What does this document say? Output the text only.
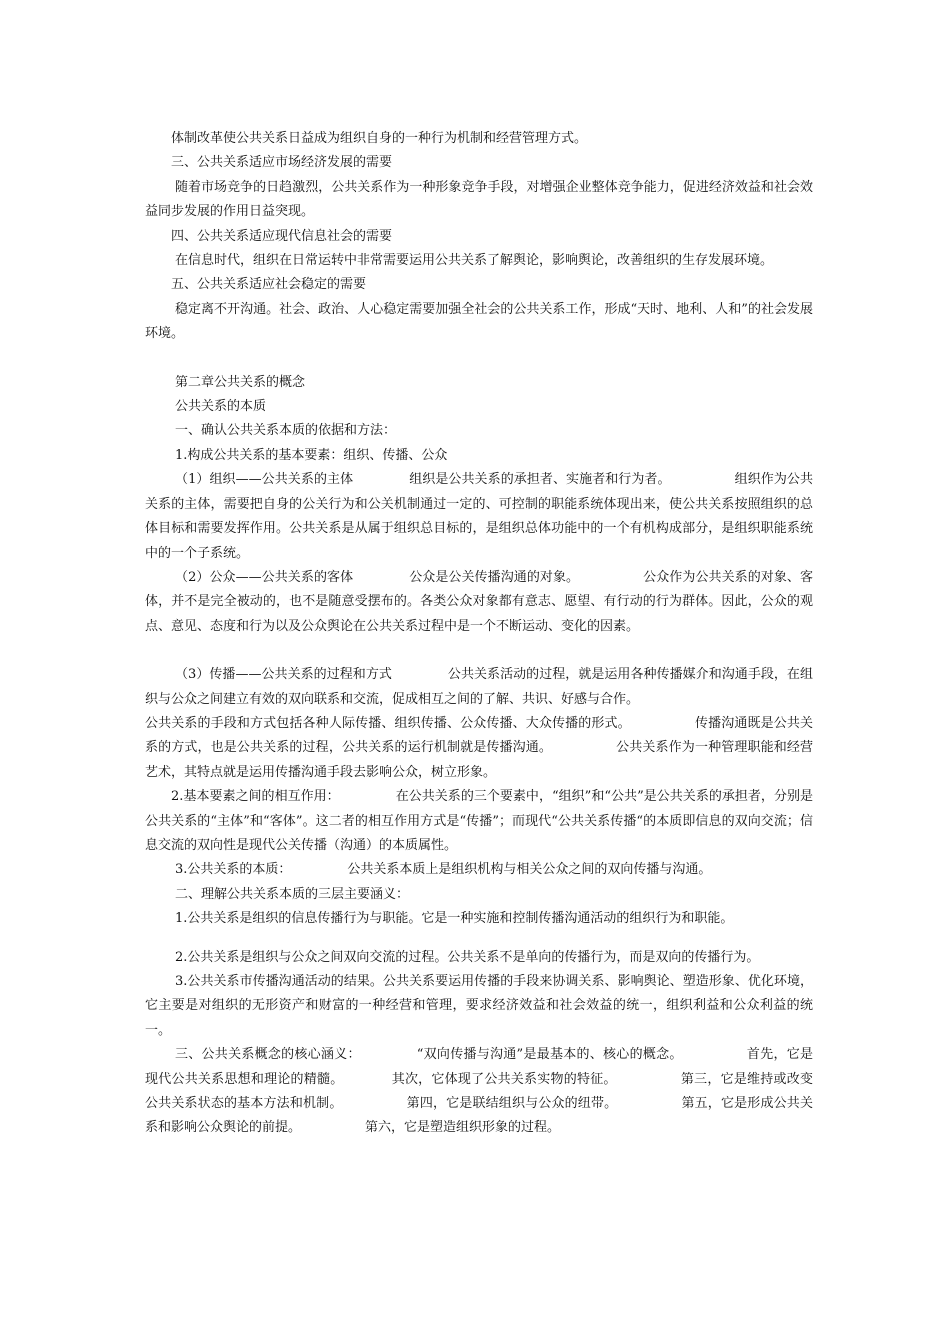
体制改革使公共关系日益成为组织自身的一种行为机制和经营管理方式。

三、公共关系适应市场经济发展的需要

随着市场竞争的日趋激烈，公共关系作为一种形象竞争手段，对增强企业整体竞争能力，促进经济效益和社会效益同步发展的作用日益突现。

四、公共关系适应现代信息社会的需要

在信息时代，组织在日常运转中非常需要运用公共关系了解舆论，影响舆论，改善组织的生存发展环境。

五、公共关系适应社会稳定的需要

稳定离不开沟通。社会、政治、人心稳定需要加强全社会的公共关系工作，形成“天时、地利、人和”的社会发展环境。

第二章公共关系的概念

公共关系的本质

一、确认公共关系本质的依据和方法：

1.构成公共关系的基本要素：组织、传播、公众

（1）组织——公共关系的主体	组织是公共关系的承担者、实施者和行为者。	组织作为公共关系的主体，需要把自身的公关行为和公关机制通过一定的、可控制的职能系统体现出来，使公共关系按照组织的总体目标和需要发挥作用。公共关系是从属于组织总目标的，是组织总体功能中的一个有机构成部分，是组织职能系统中的一个子系统。

（2）公众——公共关系的客体	公众是公关传播沟通的对象。	公众作为公共关系的对象、客体，并不是完全被动的，也不是随意受摆布的。各类公众对象都有意志、愿望、有行动的行为群体。因此，公众的观点、意见、态度和行为以及公众舆论在公共关系过程中是一个不断运动、变化的因素。

（3）传播——公共关系的过程和方式	公共关系活动的过程，就是运用各种传播媒介和沟通手段，在组织与公众之间建立有效的双向联系和交流，促成相互之间的了解、共识、好感与合作。

公共关系的手段和方式包括各种人际传播、组织传播、公众传播、大众传播的形式。	传播沟通既是公共关系的方式，也是公共关系的过程，公共关系的运行机制就是传播沟通。	公共关系作为一种管理职能和经营艺术，其特点就是运用传播沟通手段去影响公众，树立形象。

2.基本要素之间的相互作用：	在公共关系的三个要素中，“组织”和“公共”是公共关系的承担者，分别是公共关系的“主体”和“客体”。这二者的相互作用方式是“传播”；而现代“公共关系传播“的本质即信息的双向交流；信息交流的双向性是现代公关传播（沟通）的本质属性。

3.公共关系的本质：	公共关系本质上是组织机构与相关公众之间的双向传播与沟通。

二、理解公共关系本质的三层主要涵义：

1.公共关系是组织的信息传播行为与职能。它是一种实施和控制传播沟通活动的组织行为和职能。

2.公共关系是组织与公众之间双向交流的过程。公共关系不是单向的传播行为，而是双向的传播行为。

3.公共关系市传播沟通活动的结果。公共关系要运用传播的手段来协调关系、影响舆论、塑造形象、优化环境，它主要是对组织的无形资产和财富的一种经营和管理，要求经济效益和社会效益的统一，组织利益和公众利益的统一。

三、公共关系概念的核心涵义：	“双向传播与沟通”是最基本的、核心的概念。	首先，它是现代公共关系思想和理论的精髓。	其次，它体现了公共关系实物的特征。	第三，它是维持或改变公共关系状态的基本方法和机制。	第四，它是联结组织与公众的纽带。	第五，它是形成公共关系和影响公众舆论的前提。	第六，它是塑造组织形象的过程。
